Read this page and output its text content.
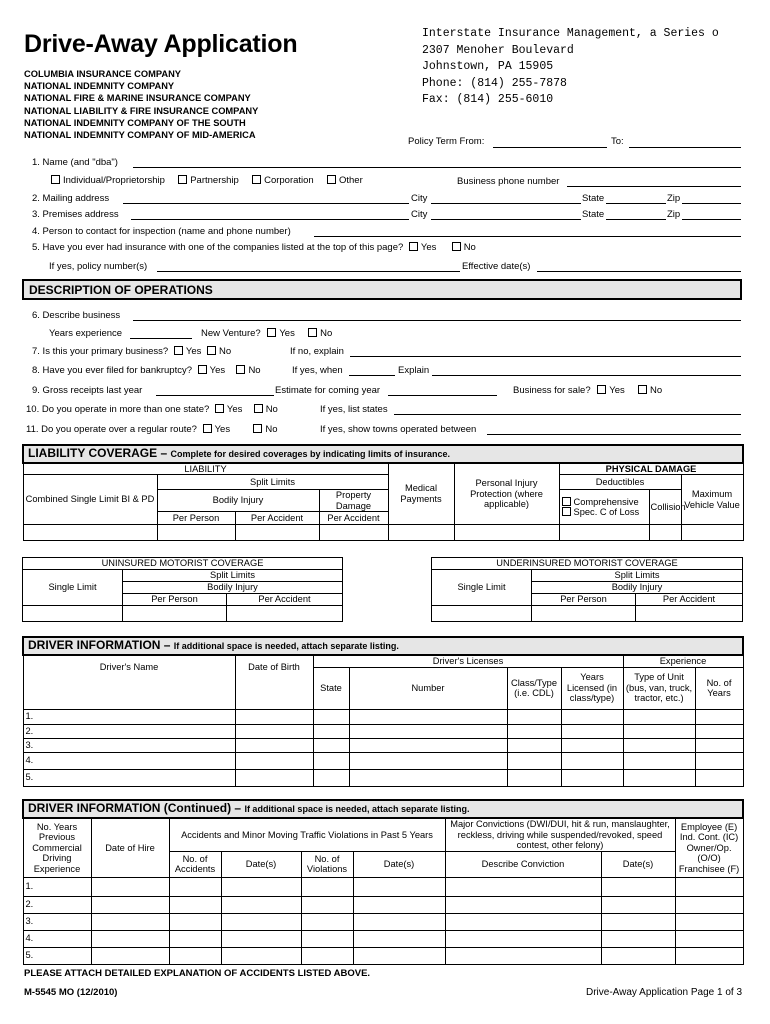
Drive-Away Application
COLUMBIA INSURANCE COMPANY
NATIONAL INDEMNITY COMPANY
NATIONAL FIRE & MARINE INSURANCE COMPANY
NATIONAL LIABILITY & FIRE INSURANCE COMPANY
NATIONAL INDEMNITY COMPANY OF THE SOUTH
NATIONAL INDEMNITY COMPANY OF MID-AMERICA
Interstate Insurance Management, a Series o
2307 Menoher Boulevard
Johnstown, PA 15905
Phone: (814) 255-7878
Fax: (814) 255-6010
Policy Term From:	To:
1. Name (and "dba")
Individual/Proprietorship	Partnership	Corporation	Other	Business phone number
2. Mailing address	City	State	Zip
3. Premises address	City	State	Zip
4. Person to contact for inspection (name and phone number)
5. Have you ever had insurance with one of the companies listed at the top of this page? Yes	No
If yes, policy number(s)	Effective date(s)
DESCRIPTION OF OPERATIONS
6. Describe business
Years experience	New Venture? Yes	No
7. Is this your primary business? Yes No	If no, explain
8. Have you ever filed for bankruptcy? Yes No	If yes, when	Explain
9. Gross receipts last year	Estimate for coming year	Business for sale? Yes	No
10. Do you operate in more than one state? Yes No	If yes, list states
11. Do you operate over a regular route? Yes	No	If yes, show towns operated between
LIABILITY COVERAGE – Complete for desired coverages by indicating limits of insurance.								
LIABILITY				Medical Payments	Personal Injury Protection (where applicable)	PHYSICAL DAMAGE		
Combined Single Limit BI & PD	Split Limits					Deductibles		Maximum Vehicle Value
	Bodily Injury		Property Damage			Comprehensive
Spec. C of Loss	Collision	
	Per Person	Per Accident	Per Accident					

UNINSURED MOTORIST COVERAGE		
Single Limit	Split Limits	
	Bodily Injury	
	Per Person	Per Accident

UNDERINSURED MOTORIST COVERAGE		
Single Limit	Split Limits	
	Bodily Injury	
	Per Person	Per Accident

DRIVER INFORMATION – If additional space is needed, attach separate listing.							
Driver's Name	Date of Birth	Driver's Licenses				Experience	
		State	Number	Class/Type (i.e. CDL)	Years Licensed (in class/type)	Type of Unit (bus, van, truck, tractor, etc.)	No. of Years
1.							
2.							
3.							
4.							
5.							
DRIVER INFORMATION (Continued) – If additional space is needed, attach separate listing.								
No. Years Previous Commercial Driving Experience	Date of Hire	Accidents and Minor Moving Traffic Violations in Past 5 Years				Major Convictions (DWI/DUI, hit & run, manslaughter, reckless, driving while suspended/revoked, speed contest, other felony)		Employee (E) Ind. Cont. (IC) Owner/Op. (O/O) Franchisee (F)
		No. of Accidents	Date(s)	No. of Violations	Date(s)	Describe Conviction	Date(s)	
1.								
2.								
3.								
4.								
5.								
PLEASE ATTACH DETAILED EXPLANATION OF ACCIDENTS LISTED ABOVE.
M-5545 MO (12/2010)	Drive-Away Application Page 1 of 3
